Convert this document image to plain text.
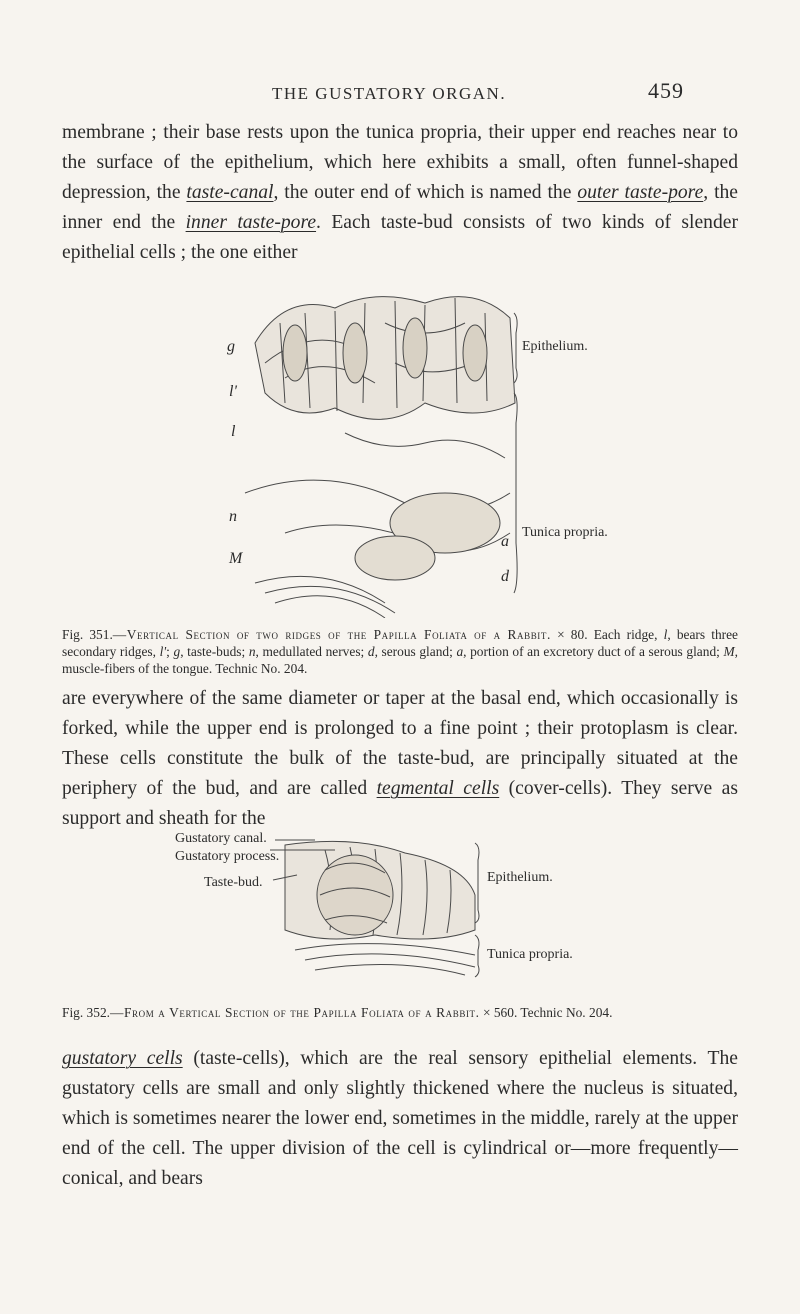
THE GUSTATORY ORGAN.	459

membrane ; their base rests upon the tunica propria, their upper end reaches near to the surface of the epithelium, which here exhibits a small, often funnel-shaped depression, the taste-canal, the outer end of which is named the outer taste-pore, the inner end the inner taste-pore. Each taste-bud consists of two kinds of slender epithelial cells ; the one either

g
l'
l
n
M
a
d
Epithelium.
Tunica propria.

Fig. 351.—Vertical Section of two ridges of the Papilla Foliata of a Rabbit. × 80. Each ridge, l, bears three secondary ridges, l'; g, taste-buds; n, medullated nerves; d, serous gland; a, portion of an excretory duct of a serous gland; M, muscle-fibers of the tongue. Technic No. 204.

are everywhere of the same diameter or taper at the basal end, which occasionally is forked, while the upper end is prolonged to a fine point ; their protoplasm is clear. These cells constitute the bulk of the taste-bud, are principally situated at the periphery of the bud, and are called tegmental cells (cover-cells). They serve as support and sheath for the

Gustatory canal.
Gustatory process.
Taste-bud.	Epithelium.
Tunica propria.

Fig. 352.—From a Vertical Section of the Papilla Foliata of a Rabbit. × 560. Technic No. 204.

gustatory cells (taste-cells), which are the real sensory epithelial elements. The gustatory cells are small and only slightly thickened where the nucleus is situated, which is sometimes nearer the lower end, sometimes in the middle, rarely at the upper end of the cell. The upper division of the cell is cylindrical or—more frequently—conical, and bears
